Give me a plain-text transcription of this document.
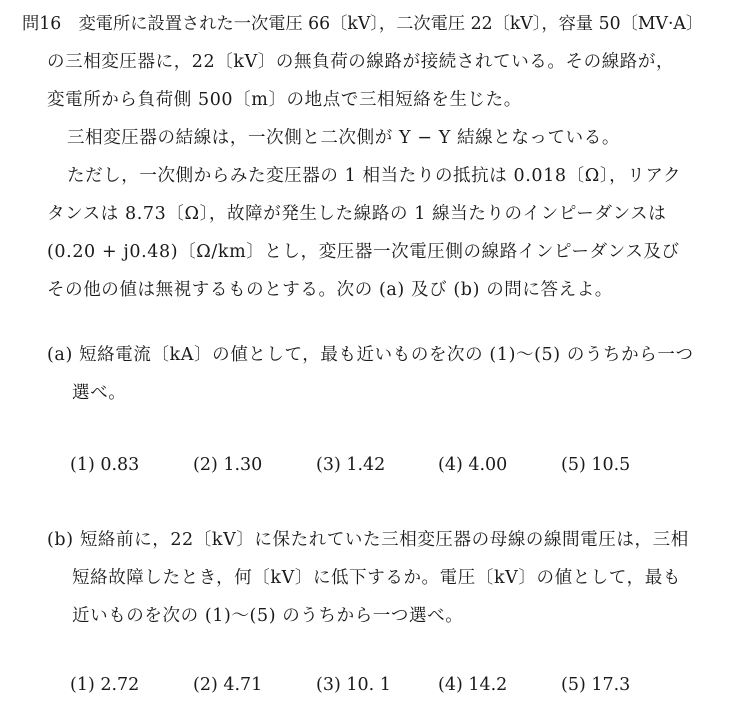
問16　変電所に設置された一次電圧 66〔kV〕，二次電圧 22〔kV〕，容量 50〔MV·A〕
の三相変圧器に，22〔kV〕の無負荷の線路が接続されている。その線路が，
変電所から負荷側 500〔m〕の地点で三相短絡を生じた。
三相変圧器の結線は，一次側と二次側が Y − Y 結線となっている。
ただし，一次側からみた変圧器の 1 相当たりの抵抗は 0.018〔Ω〕，リアク
タンスは 8.73〔Ω〕，故障が発生した線路の 1 線当たりのインピーダンスは
(0.20 + j0.48)〔Ω/km〕とし，変圧器一次電圧側の線路インピーダンス及び
その他の値は無視するものとする。次の (a) 及び (b) の問に答えよ。
(a) 短絡電流〔kA〕の値として，最も近いものを次の (1)～(5) のうちから一つ
選べ。
(1) 0.83	(2) 1.30	(3) 1.42	(4) 4.00	(5) 10.5
(b) 短絡前に，22〔kV〕に保たれていた三相変圧器の母線の線間電圧は，三相
短絡故障したとき，何〔kV〕に低下するか。電圧〔kV〕の値として，最も
近いものを次の (1)～(5) のうちから一つ選べ。
(1) 2.72	(2) 4.71	(3) 10. 1	(4) 14.2	(5) 17.3
